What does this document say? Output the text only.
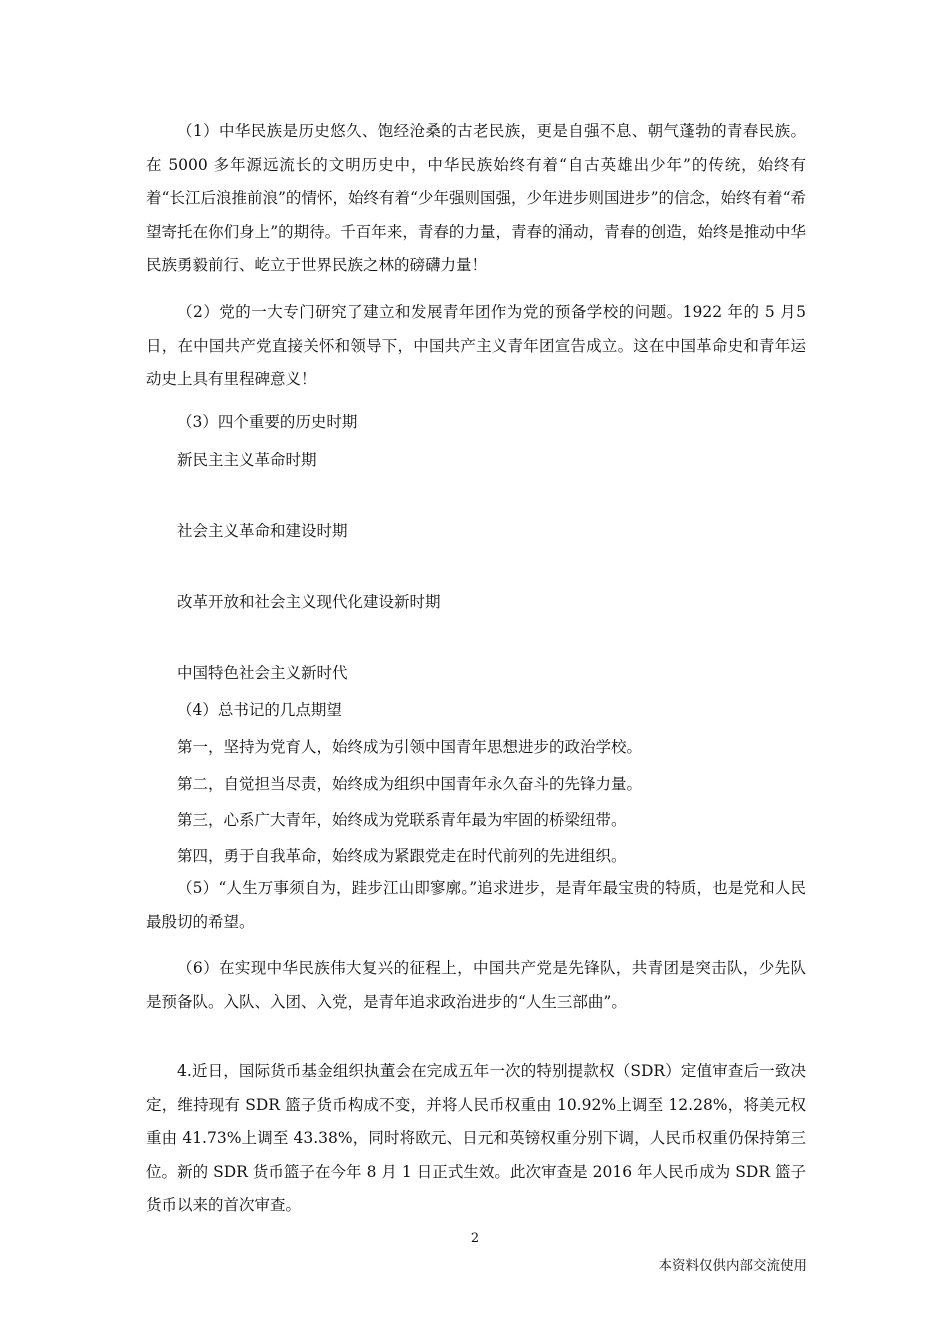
（1）中华民族是历史悠久、饱经沧桑的古老民族，更是自强不息、朝气蓬勃的青春民族。在 5000 多年源远流长的文明历史中，中华民族始终有着“自古英雄出少年”的传统，始终有着“长江后浪推前浪”的情怀，始终有着“少年强则国强，少年进步则国进步”的信念，始终有着“希望寄托在你们身上”的期待。千百年来，青春的力量，青春的涌动，青春的创造，始终是推动中华民族勇毅前行、屹立于世界民族之林的磅礴力量！

（2）党的一大专门研究了建立和发展青年团作为党的预备学校的问题。1922 年的 5 月5 日，在中国共产党直接关怀和领导下，中国共产主义青年团宣告成立。这在中国革命史和青年运动史上具有里程碑意义！

（3）四个重要的历史时期

新民主主义革命时期

社会主义革命和建设时期

改革开放和社会主义现代化建设新时期

中国特色社会主义新时代

（4）总书记的几点期望

第一，坚持为党育人，始终成为引领中国青年思想进步的政治学校。

第二，自觉担当尽责，始终成为组织中国青年永久奋斗的先锋力量。

第三，心系广大青年，始终成为党联系青年最为牢固的桥梁纽带。

第四，勇于自我革命，始终成为紧跟党走在时代前列的先进组织。

（5）“人生万事须自为，跬步江山即寥廓。”追求进步，是青年最宝贵的特质，也是党和人民最殷切的希望。

（6）在实现中华民族伟大复兴的征程上，中国共产党是先锋队，共青团是突击队，少先队是预备队。入队、入团、入党，是青年追求政治进步的“人生三部曲”。

4.近日，国际货币基金组织执董会在完成五年一次的特别提款权（SDR）定值审查后一致决定，维持现有 SDR 篮子货币构成不变，并将人民币权重由 10.92%上调至 12.28%，将美元权重由 41.73%上调至 43.38%，同时将欧元、日元和英镑权重分别下调，人民币权重仍保持第三位。新的 SDR 货币篮子在今年 8 月 1 日正式生效。此次审查是 2016 年人民币成为 SDR 篮子货币以来的首次审查。

2
本资料仅供内部交流使用
